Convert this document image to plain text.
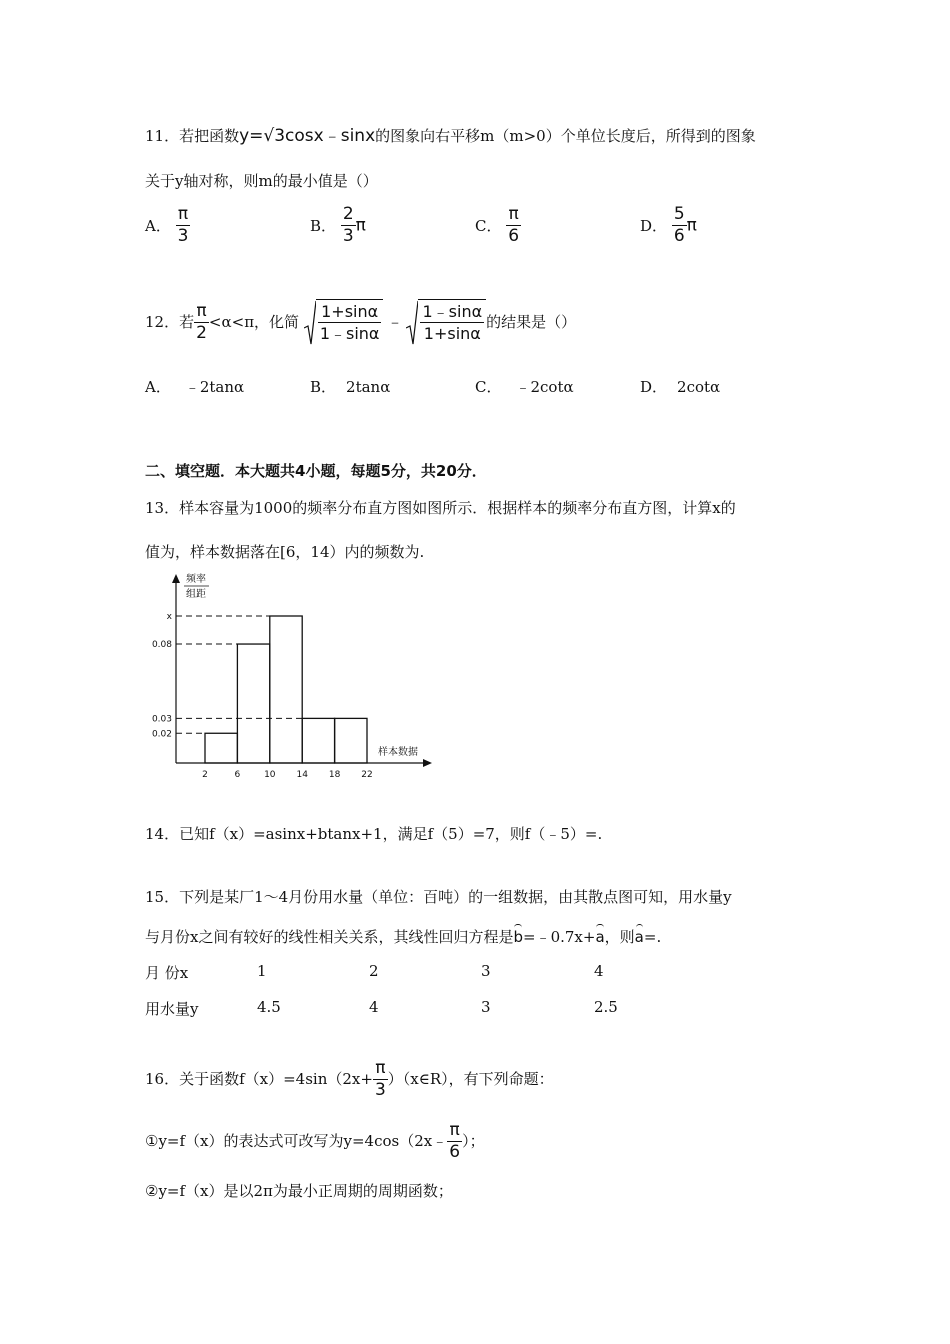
11．若把函数y=√3cosx﹣sinx的图象向右平移m（m>0）个单位长度后，所得到的图象
关于y轴对称，则m的最小值是（）
A． $\frac{\pi}{3}$	B． $\frac{2}{3}$ π	C． $\frac{\pi}{6}$	D． $\frac{5}{6}$ π
12．若 $\frac{\pi}{2} <\alpha<\pi$，化简 $\frac{1+\sin\alpha}{1﹣\sin\alpha}$ ﹣ $\frac{1﹣\sin\alpha}{1+\sin\alpha}$ 的结果是（）
A． ﹣2tanα	B． 2tanα	C． ﹣2cotα	D． 2cotα
二、填空题．本大题共4小题，每题5分，共20分．
13．样本容量为1000的频率分布直方图如图所示．根据样本的频率分布直方图，计算x的
值为，样本数据落在[6，14）内的频数为.
x
0.08
0.03
0.02
2	6	10 14 18 22
频率
组距
样本数据
14．已知f（x）=asinx+btanx+1，满足f（5）=7，则f（﹣5）=.
15．下列是某厂1～4月份用水量（单位：百吨）的一组数据，由其散点图可知，用水量y
与月份x之间有较好的线性相关关系，其线性回归方程是b=﹣0.7x+a，则a=.
月 份x	1	2	3	4
用水量y	4.5	4	3	2.5
16．关于函数$f(x)=4\sin(2x+ \frac{\pi}{3}$ ）（x∈R），有下列命题：
①y=f（x）的表达式可改写为y=4cos（2x﹣ $\frac{\pi}{6}$ ）；
②y=f（x）是以2π为最小正周期的周期函数；
